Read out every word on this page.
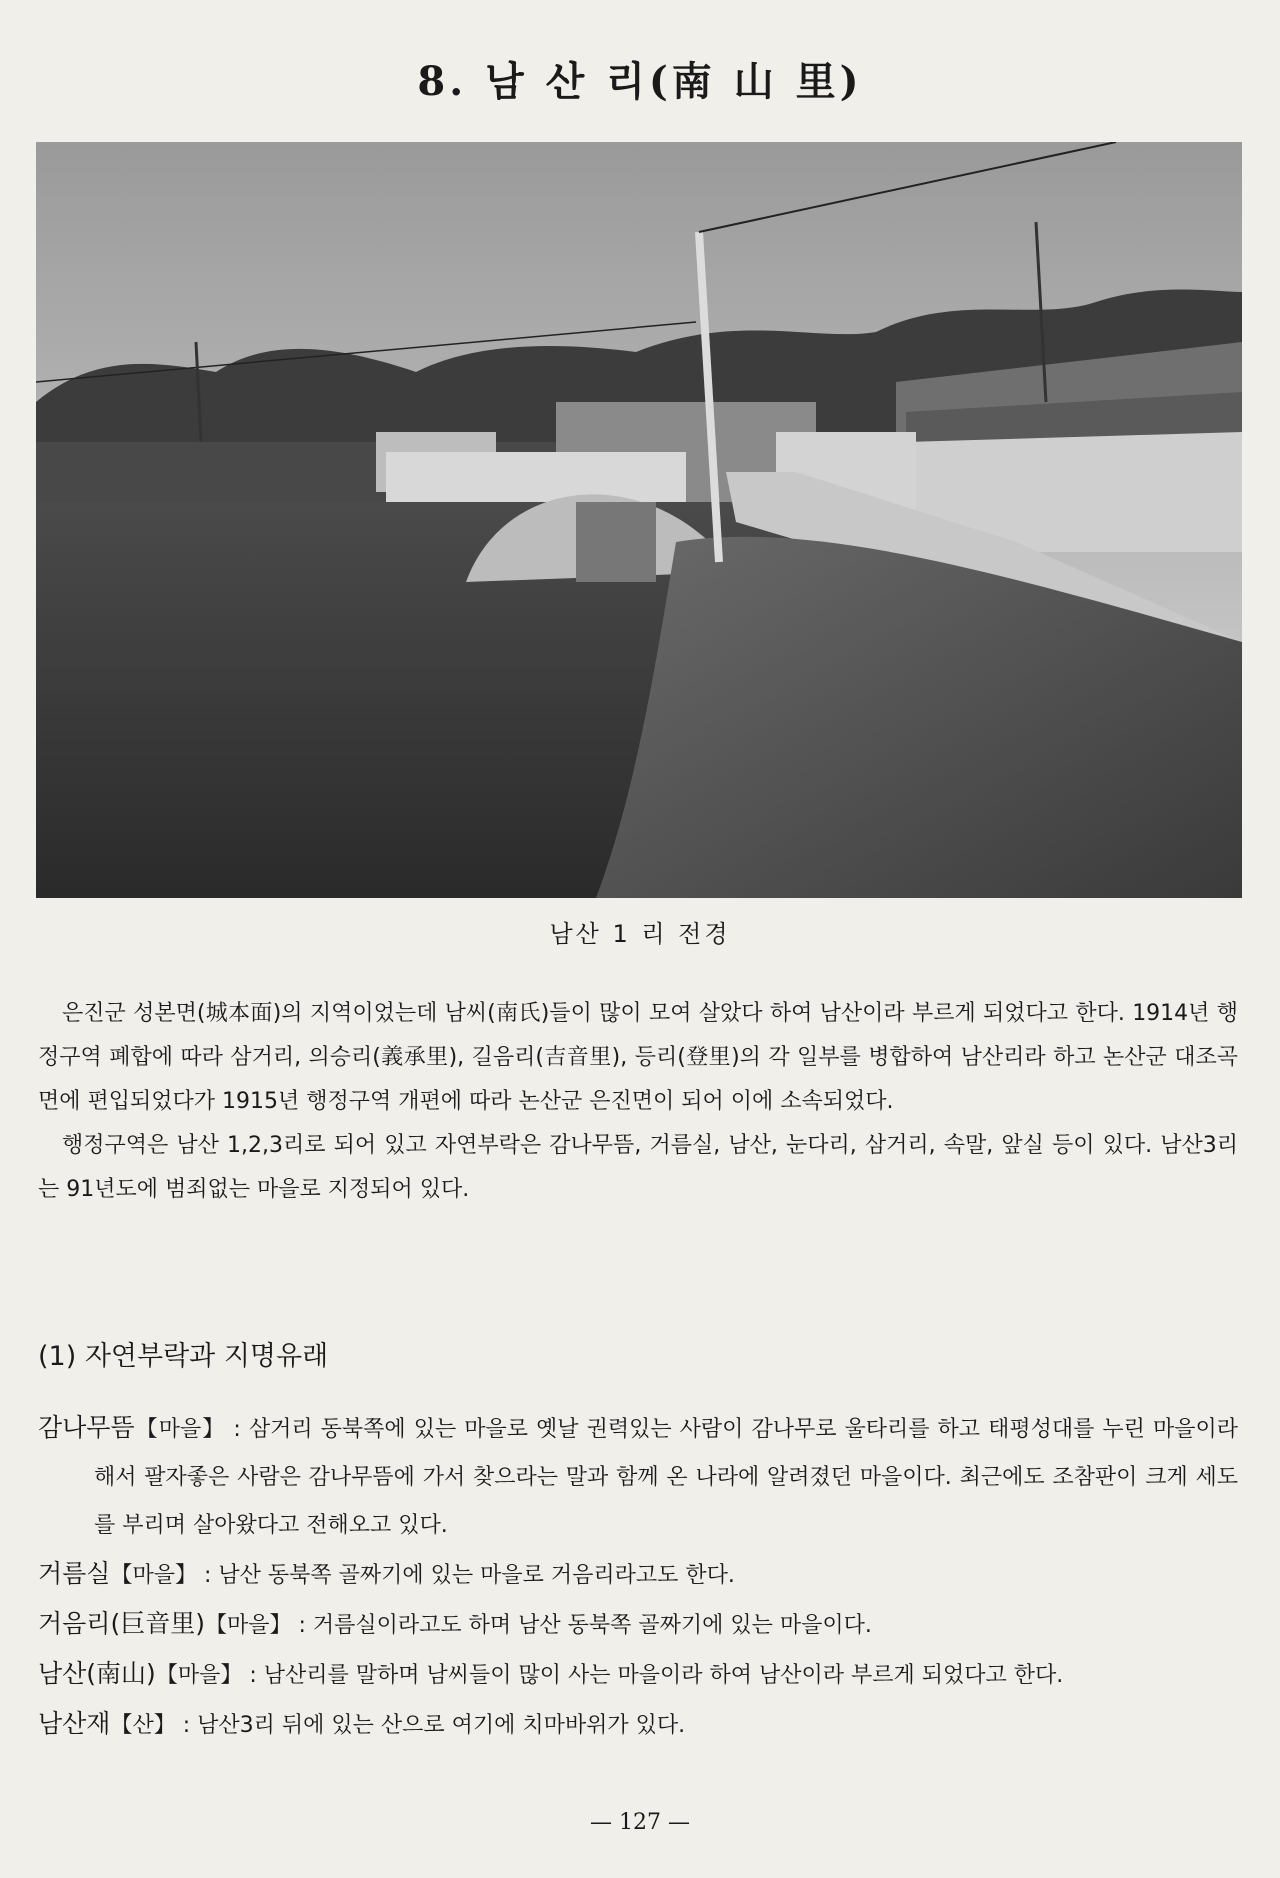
8. 남 산 리(南 山 里)
남산 1 리 전경

은진군 성본면(城本面)의 지역이었는데 남씨(南氏)들이 많이 모여 살았다 하여 남산이라 부르게 되었다고 한다. 1914년 행정구역 폐합에 따라 삼거리, 의승리(義承里), 길음리(吉音里), 등리(登里)의 각 일부를 병합하여 남산리라 하고 논산군 대조곡면에 편입되었다가 1915년 행정구역 개편에 따라 논산군 은진면이 되어 이에 소속되었다.

행정구역은 남산 1,2,3리로 되어 있고 자연부락은 감나무뜸, 거름실, 남산, 눈다리, 삼거리, 속말, 앞실 등이 있다. 남산3리는 91년도에 범죄없는 마을로 지정되어 있다.

(1) 자연부락과 지명유래

감나무뜸【마을】 : 삼거리 동북쪽에 있는 마을로 옛날 권력있는 사람이 감나무로 울타리를 하고 태평성대를 누린 마을이라 해서 팔자좋은 사람은 감나무뜸에 가서 찾으라는 말과 함께 온 나라에 알려졌던 마을이다. 최근에도 조참판이 크게 세도를 부리며 살아왔다고 전해오고 있다.

거름실【마을】 : 남산 동북쪽 골짜기에 있는 마을로 거음리라고도 한다.

거음리(巨音里)【마을】 : 거름실이라고도 하며 남산 동북쪽 골짜기에 있는 마을이다.

남산(南山)【마을】 : 남산리를 말하며 남씨들이 많이 사는 마을이라 하여 남산이라 부르게 되었다고 한다.

남산재【산】 : 남산3리 뒤에 있는 산으로 여기에 치마바위가 있다.

— 127 —
